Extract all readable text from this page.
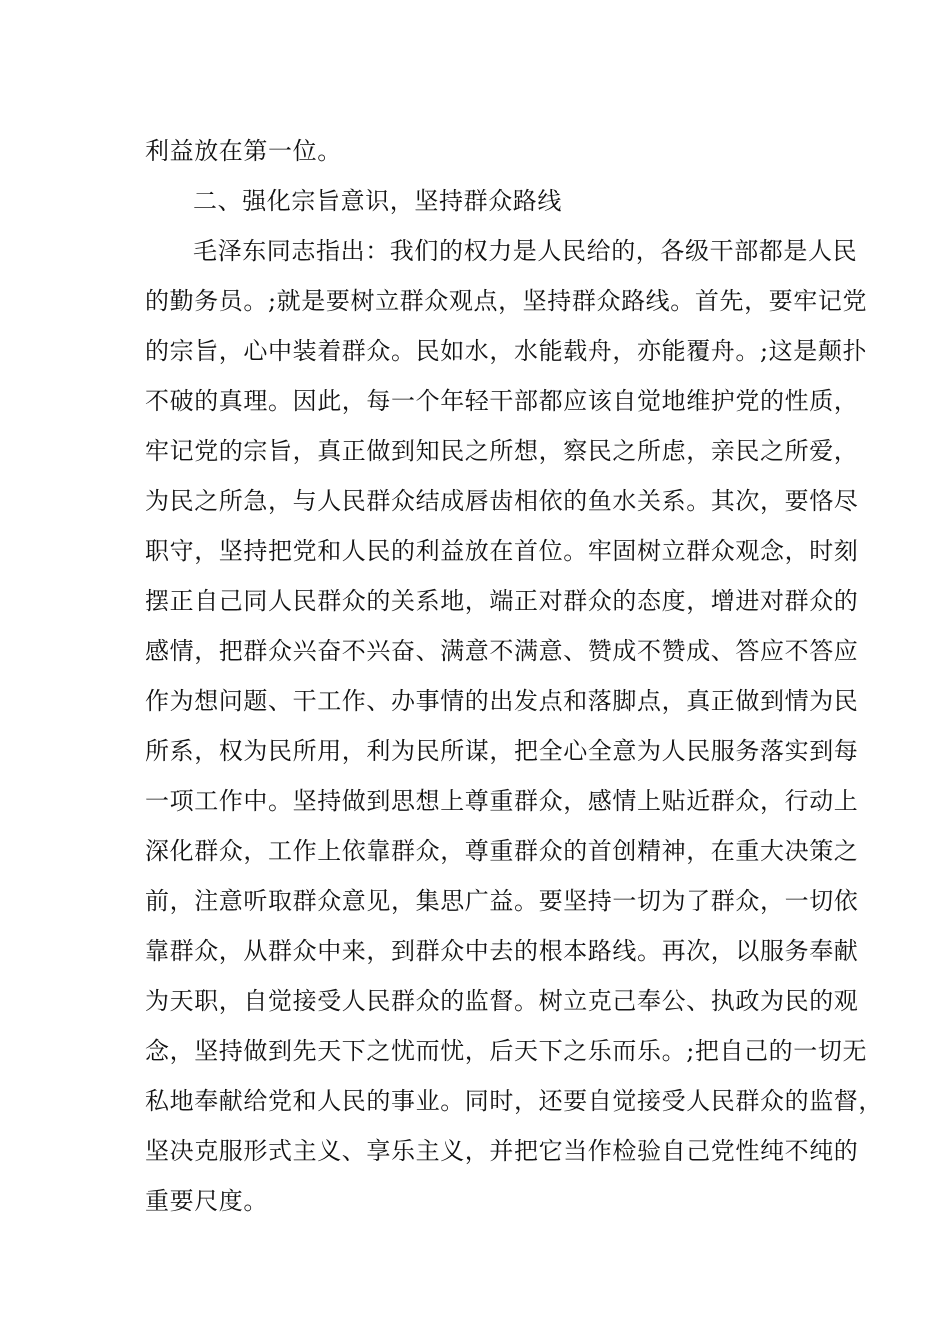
利益放在第一位。
二、强化宗旨意识，坚持群众路线
毛泽东同志指出：我们的权力是人民给的，各级干部都是人民
的勤务员。;就是要树立群众观点，坚持群众路线。首先，要牢记党
的宗旨，心中装着群众。民如水，水能载舟，亦能覆舟。;这是颠扑
不破的真理。因此，每一个年轻干部都应该自觉地维护党的性质，
牢记党的宗旨，真正做到知民之所想，察民之所虑，亲民之所爱，
为民之所急，与人民群众结成唇齿相依的鱼水关系。其次，要恪尽
职守，坚持把党和人民的利益放在首位。牢固树立群众观念，时刻
摆正自己同人民群众的关系地，端正对群众的态度，增进对群众的
感情，把群众兴奋不兴奋、满意不满意、赞成不赞成、答应不答应
作为想问题、干工作、办事情的出发点和落脚点，真正做到情为民
所系，权为民所用，利为民所谋，把全心全意为人民服务落实到每
一项工作中。坚持做到思想上尊重群众，感情上贴近群众，行动上
深化群众，工作上依靠群众，尊重群众的首创精神，在重大决策之
前，注意听取群众意见，集思广益。要坚持一切为了群众，一切依
靠群众，从群众中来，到群众中去的根本路线。再次，以服务奉献
为天职，自觉接受人民群众的监督。树立克己奉公、执政为民的观
念，坚持做到先天下之忧而忧，后天下之乐而乐。;把自己的一切无
私地奉献给党和人民的事业。同时，还要自觉接受人民群众的监督，
坚决克服形式主义、享乐主义，并把它当作检验自己党性纯不纯的
重要尺度。
